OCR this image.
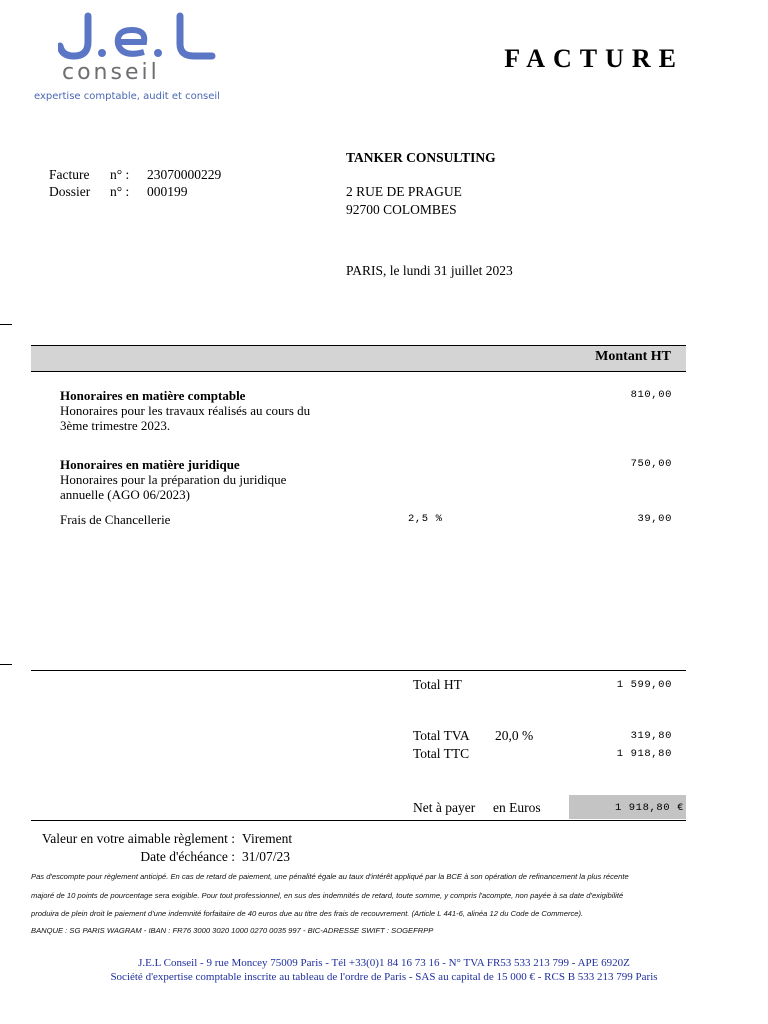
conseil
expertise comptable, audit et conseil
FACTURE
Facture n° : 23070000229
Dossier n° : 000199
TANKER CONSULTING
2 RUE DE PRAGUE
92700 COLOMBES
PARIS, le lundi 31 juillet 2023
Montant HT
Honoraires en matière comptable
Honoraires pour les travaux réalisés au cours du
3ème trimestre 2023.
810,00
Honoraires en matière juridique
Honoraires pour la préparation du juridique
annuelle (AGO 06/2023)
750,00
Frais de Chancellerie	2,5 %	39,00
Total HT	1 599,00
Total TVA 20,0 %	319,80
Total TTC	1 918,80
Net à payer en Euros	1 918,80 €
Valeur en votre aimable règlement : Virement
Date d'échéance : 31/07/23
Pas d'escompte pour règlement anticipé. En cas de retard de paiement, une pénalité égale au taux d'intérêt appliqué par la BCE à son opération de refinancement la plus récente
majoré de 10 points de pourcentage sera exigible. Pour tout professionnel, en sus des indemnités de retard, toute somme, y compris l'acompte, non payée à sa date d'exigibilité
produira de plein droit le paiement d'une indemnité forfaitaire de 40 euros due au titre des frais de recouvrement. (Article L 441-6, alinéa 12 du Code de Commerce).
BANQUE : SG PARIS WAGRAM - IBAN : FR76 3000 3020 1000 0270 0035 997 - BIC-ADRESSE SWIFT : SOGEFRPP
J.E.L Conseil - 9 rue Moncey 75009 Paris - Tél +33(0)1 84 16 73 16 - N° TVA FR53 533 213 799 - APE 6920Z
Société d'expertise comptable inscrite au tableau de l'ordre de Paris - SAS au capital de 15 000 € - RCS B 533 213 799 Paris
